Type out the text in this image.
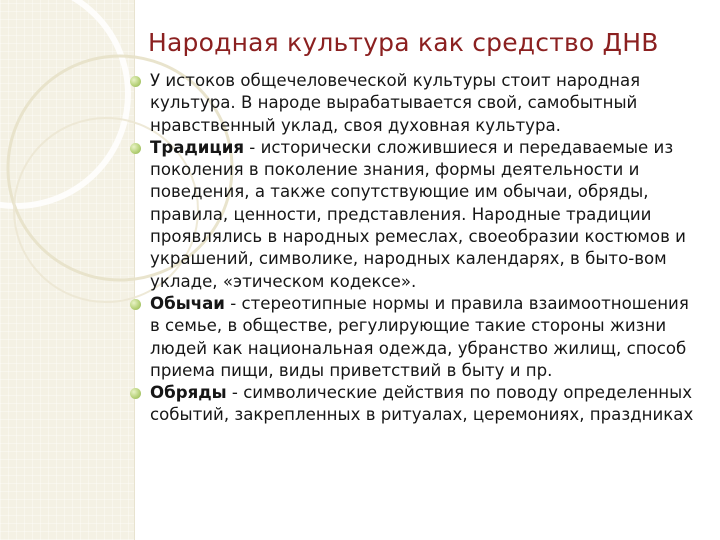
Народная культура как средство ДНВ
У истоков общечеловеческой культуры стоит народная культура. В народе вырабатывается свой, самобытный нравственный уклад, своя духовная культура.
Традиция - исторически сложившиеся и передаваемые из поколения в поколение знания, формы деятельности и поведения, а также сопутствующие им обычаи, обряды, правила, ценности, представления. Народные традиции проявлялись в народных ремеслах, своеобразии костюмов и украшений, символике, народных календарях, в быто-вом укладе, «этическом кодексе».
Обычаи - стереотипные нормы и правила взаимоотношения в семье, в обществе, регулирующие такие стороны жизни людей как национальная одежда, убранство жилищ, способ приема пищи, виды приветствий в быту и пр.
Обряды - символические действия по поводу определенных событий, закрепленных в ритуалах, церемониях, праздниках
